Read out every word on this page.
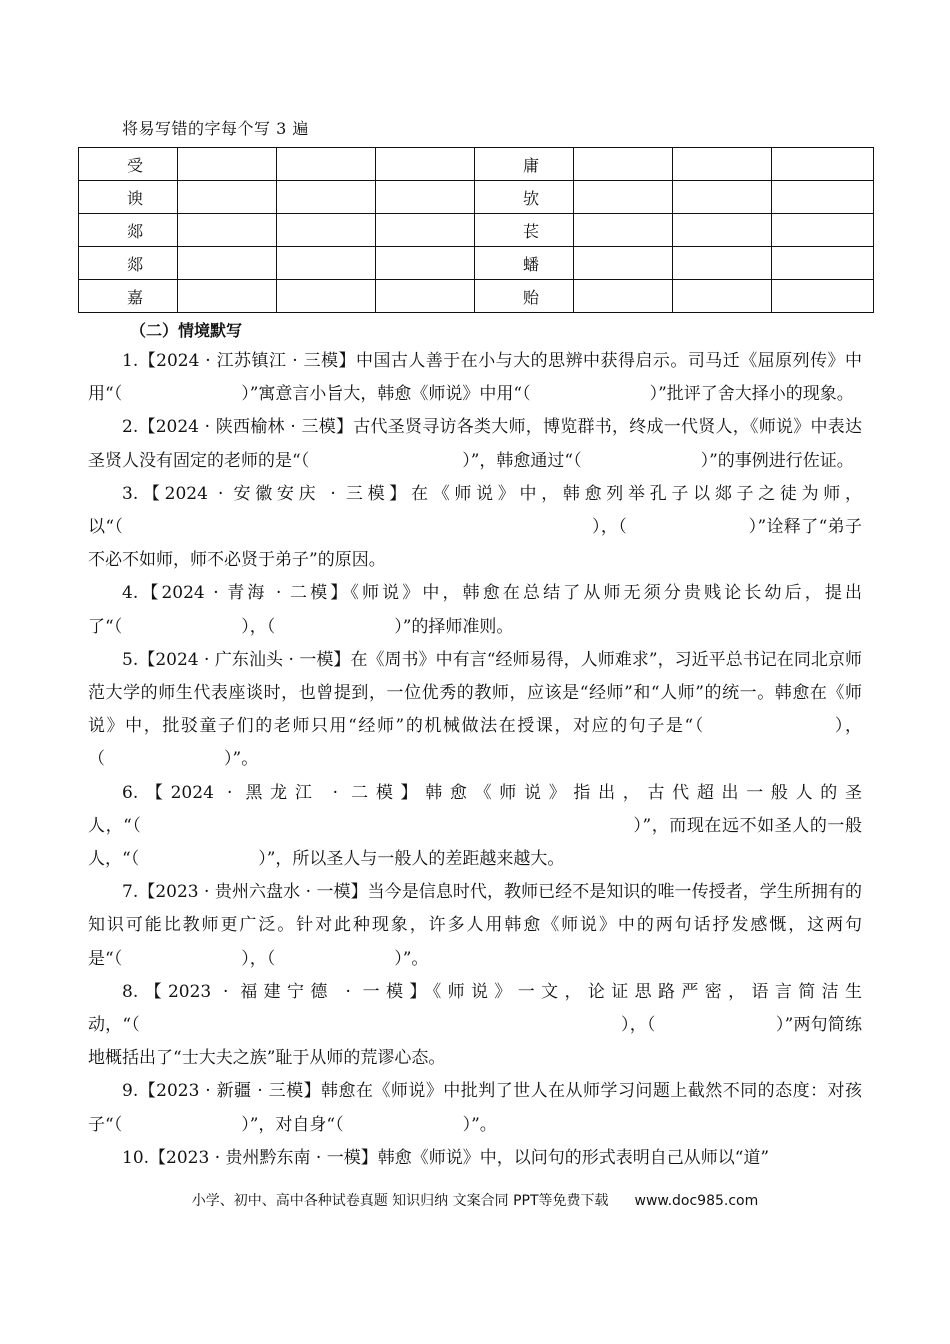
将易写错的字每个写 3 遍
受				庸			
谀				欤			
郯				苌			
郯				蟠			
嘉				贻			
（二）情境默写

1.【2024 · 江苏镇江 · 三模】中国古人善于在小与大的思辨中获得启示。司马迁《屈原列传》中用“（　　　　　　　）”寓意言小旨大，韩愈《师说》中用“（　　　　　　　）”批评了舍大择小的现象。

2.【2024 · 陕西榆林 · 三模】古代圣贤寻访各类大师，博览群书，终成一代贤人，《师说》中表达圣贤人没有固定的老师的是“（　　　　　　　　　）”，韩愈通过“（　　　　　　　）”的事例进行佐证。

3.【2024 · 安徽安庆 · 三模】在《师说》中，韩愈列举孔子以郯子之徒为师，以“（　　　　　　　　　　　　　　　　　　　　　　　　　　　），（　　　　　　　）”诠释了“弟子不必不如师，师不必贤于弟子”的原因。

4.【2024 · 青海 · 二模】《师说》中，韩愈在总结了从师无须分贵贱论长幼后，提出了“（　　　　　　　），（　　　　　　　）”的择师准则。

5.【2024 · 广东汕头 · 一模】在《周书》中有言“经师易得，人师难求”，习近平总书记在同北京师范大学的师生代表座谈时，也曾提到，一位优秀的教师，应该是“经师”和“人师”的统一。韩愈在《师说》中，批驳童子们的老师只用“经师”的机械做法在授课，对应的句子是“（　　　　　　　），（　　　　　　　）”。

6.【2024 · 黑龙江 · 二模】韩愈《师说》指出，古代超出一般人的圣人，“（　　　　　　　　　　　　　　　　　　　　　　　　　　　　）”，而现在远不如圣人的一般人，“（　　　　　　　）”，所以圣人与一般人的差距越来越大。

7.【2023 · 贵州六盘水 · 一模】当今是信息时代，教师已经不是知识的唯一传授者，学生所拥有的知识可能比教师更广泛。针对此种现象，许多人用韩愈《师说》中的两句话抒发感慨，这两句是“（　　　　　　　），（　　　　　　　）”。

8.【2023 · 福建宁德 · 一模】《师说》一文，论证思路严密，语言简洁生动，“（　　　　　　　　　　　　　　　　　　　　　　　　　　　　），（　　　　　　　）”两句简练地概括出了“士大夫之族”耻于从师的荒谬心态。

9.【2023 · 新疆 · 三模】韩愈在《师说》中批判了世人在从师学习问题上截然不同的态度：对孩子“（　　　　　　　）”，对自身“（　　　　　　　）”。

10.【2023 · 贵州黔东南 · 一模】韩愈《师说》中，以问句的形式表明自己从师以“道”

小学、初中、高中各种试卷真题 知识归纳 文案合同 PPT等免费下载 www.doc985.com
